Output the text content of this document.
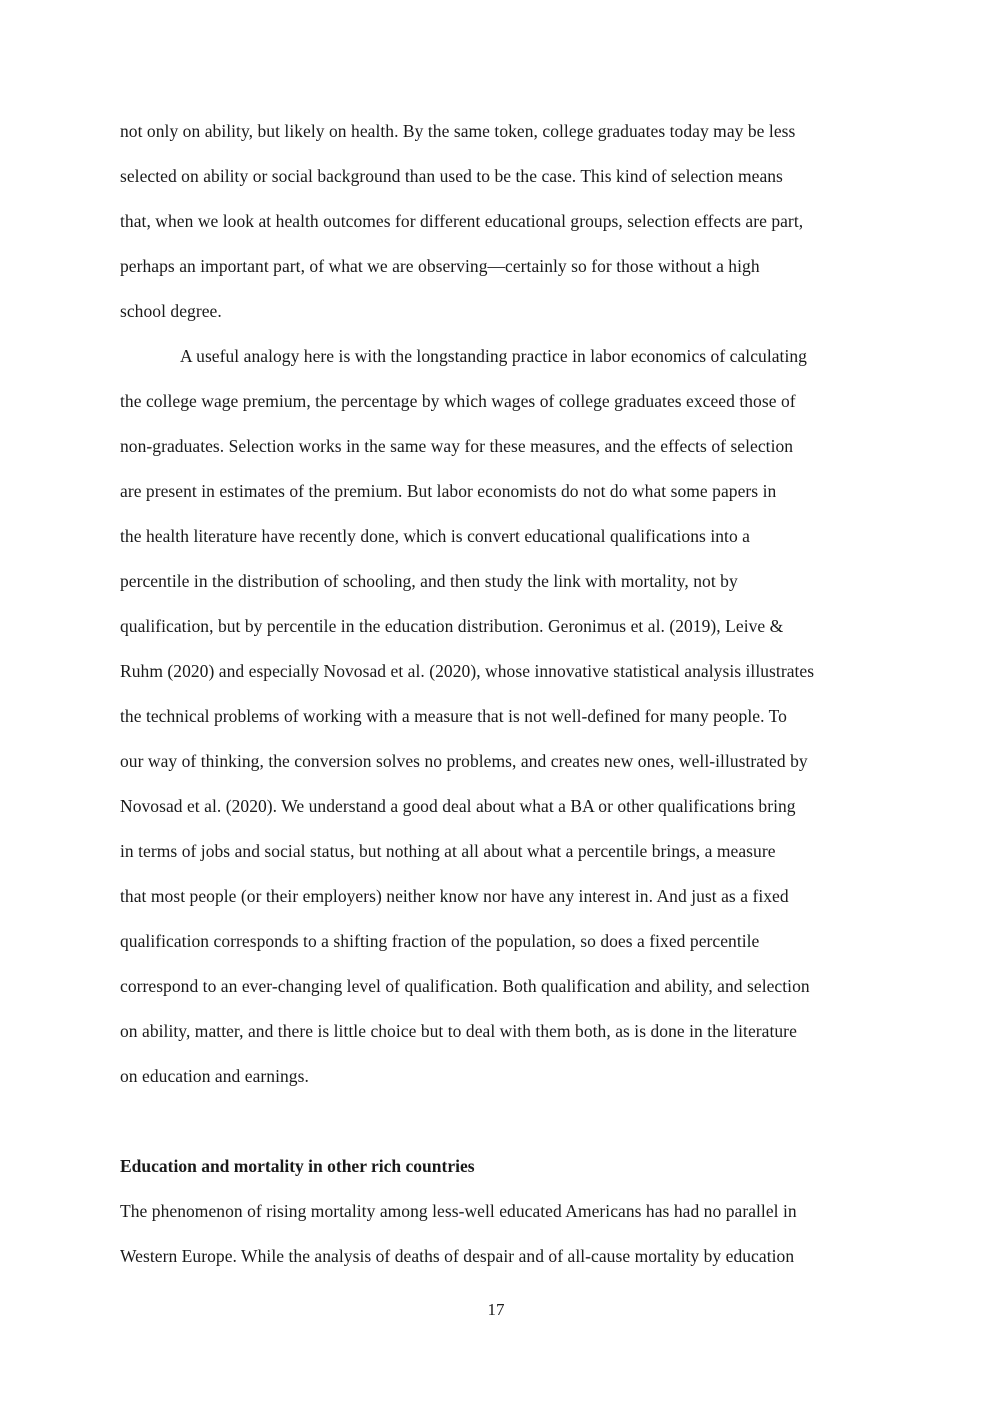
not only on ability, but likely on health. By the same token, college graduates today may be less
selected on ability or social background than used to be the case. This kind of selection means
that, when we look at health outcomes for different educational groups, selection effects are part,
perhaps an important part, of what we are observing—certainly so for those without a high
school degree.
A useful analogy here is with the longstanding practice in labor economics of calculating
the college wage premium, the percentage by which wages of college graduates exceed those of
non-graduates. Selection works in the same way for these measures, and the effects of selection
are present in estimates of the premium. But labor economists do not do what some papers in
the health literature have recently done, which is convert educational qualifications into a
percentile in the distribution of schooling, and then study the link with mortality, not by
qualification, but by percentile in the education distribution. Geronimus et al. (2019), Leive &
Ruhm (2020) and especially Novosad et al. (2020), whose innovative statistical analysis illustrates
the technical problems of working with a measure that is not well-defined for many people. To
our way of thinking, the conversion solves no problems, and creates new ones, well-illustrated by
Novosad et al. (2020). We understand a good deal about what a BA or other qualifications bring
in terms of jobs and social status, but nothing at all about what a percentile brings, a measure
that most people (or their employers) neither know nor have any interest in. And just as a fixed
qualification corresponds to a shifting fraction of the population, so does a fixed percentile
correspond to an ever-changing level of qualification. Both qualification and ability, and selection
on ability, matter, and there is little choice but to deal with them both, as is done in the literature
on education and earnings.
Education and mortality in other rich countries
The phenomenon of rising mortality among less-well educated Americans has had no parallel in
Western Europe. While the analysis of deaths of despair and of all-cause mortality by education
17
